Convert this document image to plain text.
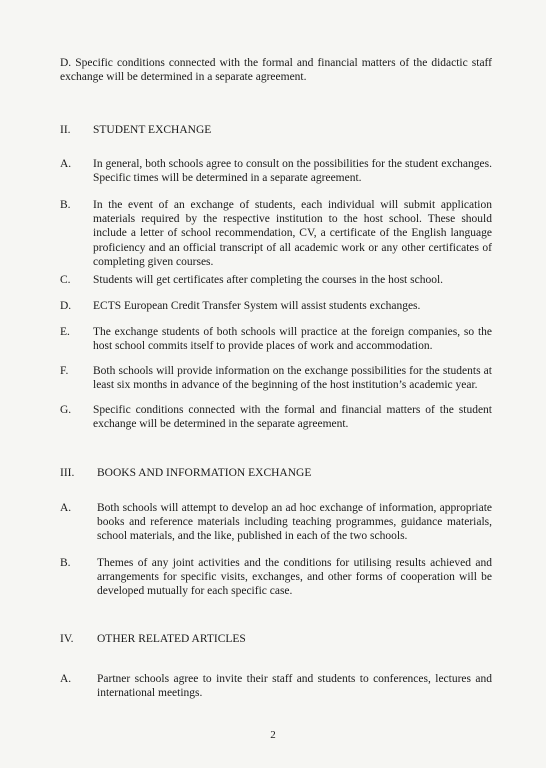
D. Specific conditions connected with the formal and financial matters of the didactic staff exchange will be determined in a separate agreement.
II. STUDENT EXCHANGE
A. In general, both schools agree to consult on the possibilities for the student exchanges. Specific times will be determined in a separate agreement.
B. In the event of an exchange of students, each individual will submit application materials required by the respective institution to the host school. These should include a letter of school recommendation, CV, a certificate of the English language proficiency and an official transcript of all academic work or any other certificates of completing given courses.
C. Students will get certificates after completing the courses in the host school.
D. ECTS European Credit Transfer System will assist students exchanges.
E. The exchange students of both schools will practice at the foreign companies, so the host school commits itself to provide places of work and accommodation.
F. Both schools will provide information on the exchange possibilities for the students at least six months in advance of the beginning of the host institution’s academic year.
G. Specific conditions connected with the formal and financial matters of the student exchange will be determined in the separate agreement.
III. BOOKS AND INFORMATION EXCHANGE
A. Both schools will attempt to develop an ad hoc exchange of information, appropriate books and reference materials including teaching programmes, guidance materials, school materials, and the like, published in each of the two schools.
B. Themes of any joint activities and the conditions for utilising results achieved and arrangements for specific visits, exchanges, and other forms of cooperation will be developed mutually for each specific case.
IV. OTHER RELATED ARTICLES
A. Partner schools agree to invite their staff and students to conferences, lectures and international meetings.
2
